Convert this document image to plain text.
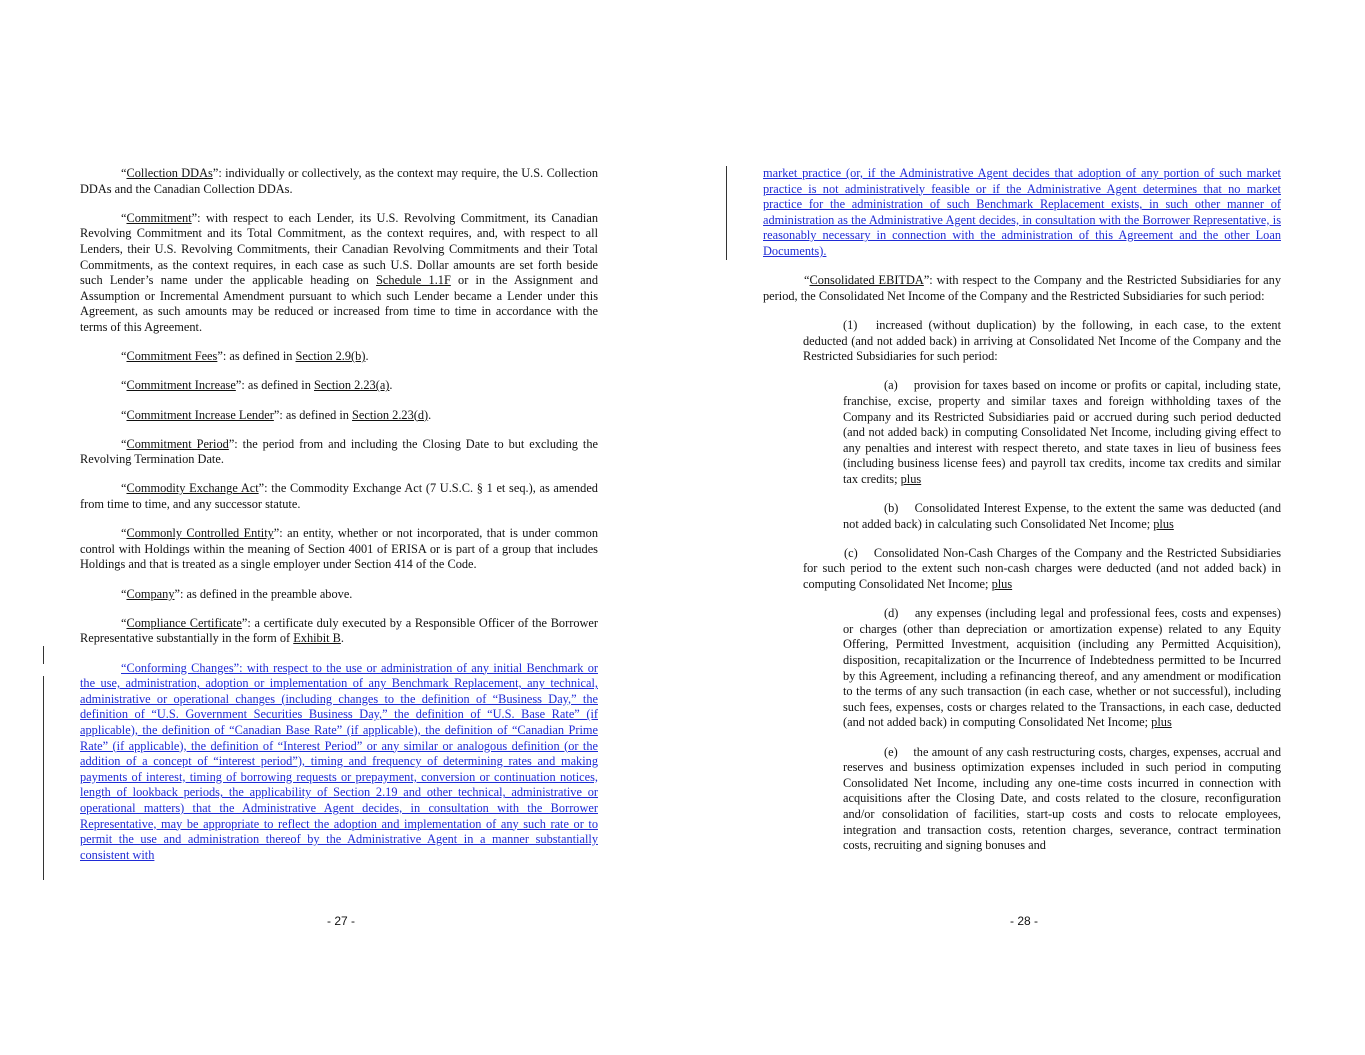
“Collection DDAs”: individually or collectively, as the context may require, the U.S. Collection DDAs and the Canadian Collection DDAs.

“Commitment”: with respect to each Lender, its U.S. Revolving Commitment, its Canadian Revolving Commitment and its Total Commitment, as the context requires, and, with respect to all Lenders, their U.S. Revolving Commitments, their Canadian Revolving Commitments and their Total Commitments, as the context requires, in each case as such U.S. Dollar amounts are set forth beside such Lender’s name under the applicable heading on Schedule 1.1F or in the Assignment and Assumption or Incremental Amendment pursuant to which such Lender became a Lender under this Agreement, as such amounts may be reduced or increased from time to time in accordance with the terms of this Agreement.

“Commitment Fees”: as defined in Section 2.9(b).

“Commitment Increase”: as defined in Section 2.23(a).

“Commitment Increase Lender”: as defined in Section 2.23(d).

“Commitment Period”: the period from and including the Closing Date to but excluding the Revolving Termination Date.

“Commodity Exchange Act”: the Commodity Exchange Act (7 U.S.C. § 1 et seq.), as amended from time to time, and any successor statute.

“Commonly Controlled Entity”: an entity, whether or not incorporated, that is under common control with Holdings within the meaning of Section 4001 of ERISA or is part of a group that includes Holdings and that is treated as a single employer under Section 414 of the Code.

“Company”: as defined in the preamble above.

“Compliance Certificate”: a certificate duly executed by a Responsible Officer of the Borrower Representative substantially in the form of Exhibit B.

“Conforming Changes”: with respect to the use or administration of any initial Benchmark or the use, administration, adoption or implementation of any Benchmark Replacement, any technical, administrative or operational changes (including changes to the definition of “Business Day,” the definition of “U.S. Government Securities Business Day,” the definition of “U.S. Base Rate” (if applicable), the definition of “Canadian Base Rate” (if applicable), the definition of “Canadian Prime Rate” (if applicable), the definition of “Interest Period” or any similar or analogous definition (or the addition of a concept of “interest period”), timing and frequency of determining rates and making payments of interest, timing of borrowing requests or prepayment, conversion or continuation notices, length of lookback periods, the applicability of Section 2.19 and other technical, administrative or operational matters) that the Administrative Agent decides, in consultation with the Borrower Representative, may be appropriate to reflect the adoption and implementation of any such rate or to permit the use and administration thereof by the Administrative Agent in a manner substantially consistent with

- 27 -

market practice (or, if the Administrative Agent decides that adoption of any portion of such market practice is not administratively feasible or if the Administrative Agent determines that no market practice for the administration of such Benchmark Replacement exists, in such other manner of administration as the Administrative Agent decides, in consultation with the Borrower Representative, is reasonably necessary in connection with the administration of this Agreement and the other Loan Documents).

“Consolidated EBITDA”: with respect to the Company and the Restricted Subsidiaries for any period, the Consolidated Net Income of the Company and the Restricted Subsidiaries for such period:

(1)  increased (without duplication) by the following, in each case, to the extent deducted (and not added back) in arriving at Consolidated Net Income of the Company and the Restricted Subsidiaries for such period:

(a)  provision for taxes based on income or profits or capital, including state, franchise, excise, property and similar taxes and foreign withholding taxes of the Company and its Restricted Subsidiaries paid or accrued during such period deducted (and not added back) in computing Consolidated Net Income, including giving effect to any penalties and interest with respect thereto, and state taxes in lieu of business fees (including business license fees) and payroll tax credits, income tax credits and similar tax credits; plus

(b)  Consolidated Interest Expense, to the extent the same was deducted (and not added back) in calculating such Consolidated Net Income; plus

(c)  Consolidated Non-Cash Charges of the Company and the Restricted Subsidiaries for such period to the extent such non-cash charges were deducted (and not added back) in computing Consolidated Net Income; plus

(d)  any expenses (including legal and professional fees, costs and expenses) or charges (other than depreciation or amortization expense) related to any Equity Offering, Permitted Investment, acquisition (including any Permitted Acquisition), disposition, recapitalization or the Incurrence of Indebtedness permitted to be Incurred by this Agreement, including a refinancing thereof, and any amendment or modification to the terms of any such transaction (in each case, whether or not successful), including such fees, expenses, costs or charges related to the Transactions, in each case, deducted (and not added back) in computing Consolidated Net Income; plus

(e)  the amount of any cash restructuring costs, charges, expenses, accrual and reserves and business optimization expenses included in such period in computing Consolidated Net Income, including any one-time costs incurred in connection with acquisitions after the Closing Date, and costs related to the closure, reconfiguration and/or consolidation of facilities, start-up costs and costs to relocate employees, integration and transaction costs, retention charges, severance, contract termination costs, recruiting and signing bonuses and

- 28 -
